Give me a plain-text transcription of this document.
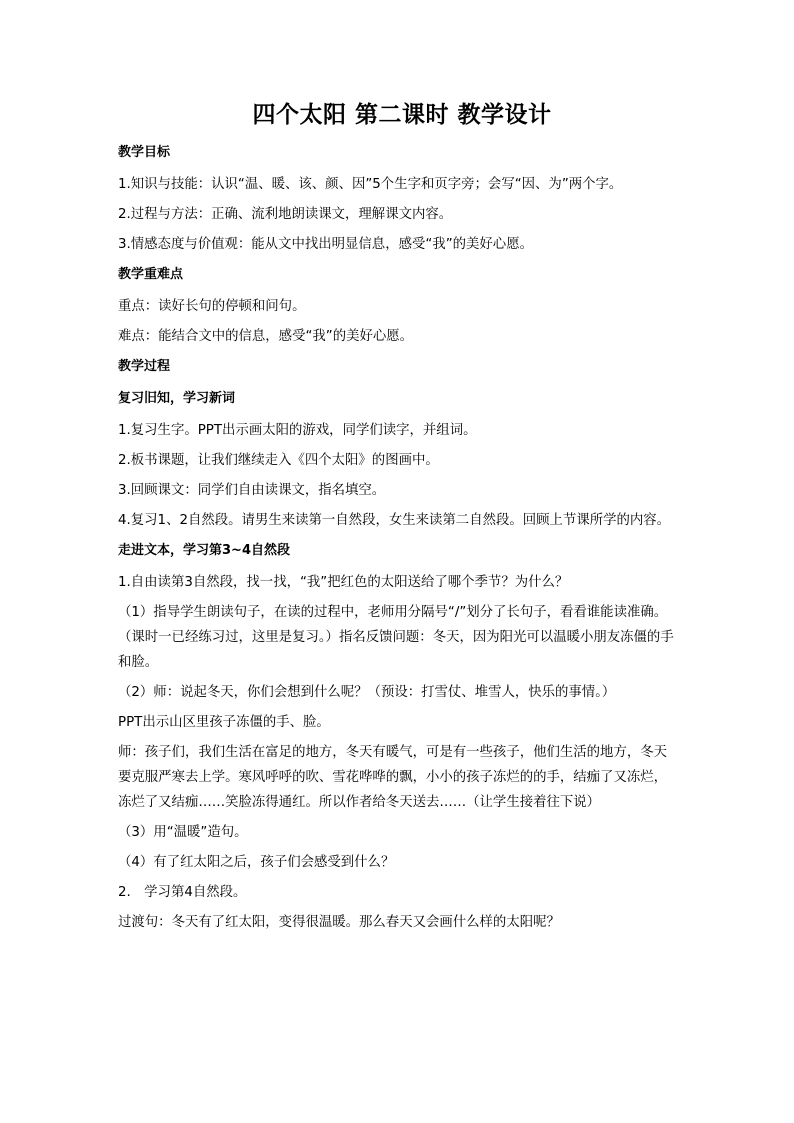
四个太阳 第二课时 教学设计
教学目标
1.知识与技能：认识“温、暖、该、颜、因”5个生字和页字旁；会写“因、为”两个字。
2.过程与方法：正确、流利地朗读课文，理解课文内容。
3.情感态度与价值观：能从文中找出明显信息，感受“我”的美好心愿。
教学重难点
重点：读好长句的停顿和问句。
难点：能结合文中的信息，感受“我”的美好心愿。
教学过程
复习旧知，学习新词
1.复习生字。PPT出示画太阳的游戏，同学们读字，并组词。
2.板书课题，让我们继续走入《四个太阳》的图画中。
3.回顾课文：同学们自由读课文，指名填空。
4.复习1、2自然段。请男生来读第一自然段，女生来读第二自然段。回顾上节课所学的内容。
走进文本，学习第3~4自然段
1.自由读第3自然段，找一找，“我”把红色的太阳送给了哪个季节？为什么？
（1）指导学生朗读句子，在读的过程中，老师用分隔号“/”划分了长句子，看看谁能读准确。（课时一已经练习过，这里是复习。）指名反馈问题：冬天，因为阳光可以温暖小朋友冻僵的手和脸。
（2）师：说起冬天，你们会想到什么呢？（预设：打雪仗、堆雪人，快乐的事情。）
PPT出示山区里孩子冻僵的手、脸。
师：孩子们，我们生活在富足的地方，冬天有暖气，可是有一些孩子，他们生活的地方，冬天要克服严寒去上学。寒风呼呼的吹、雪花哗哗的飘，小小的孩子冻烂的的手，结痂了又冻烂，冻烂了又结痂……笑脸冻得通红。所以作者给冬天送去……（让学生接着往下说）
（3）用“温暖”造句。
（4）有了红太阳之后，孩子们会感受到什么？
2.　学习第4自然段。
过渡句：冬天有了红太阳，变得很温暖。那么春天又会画什么样的太阳呢？
